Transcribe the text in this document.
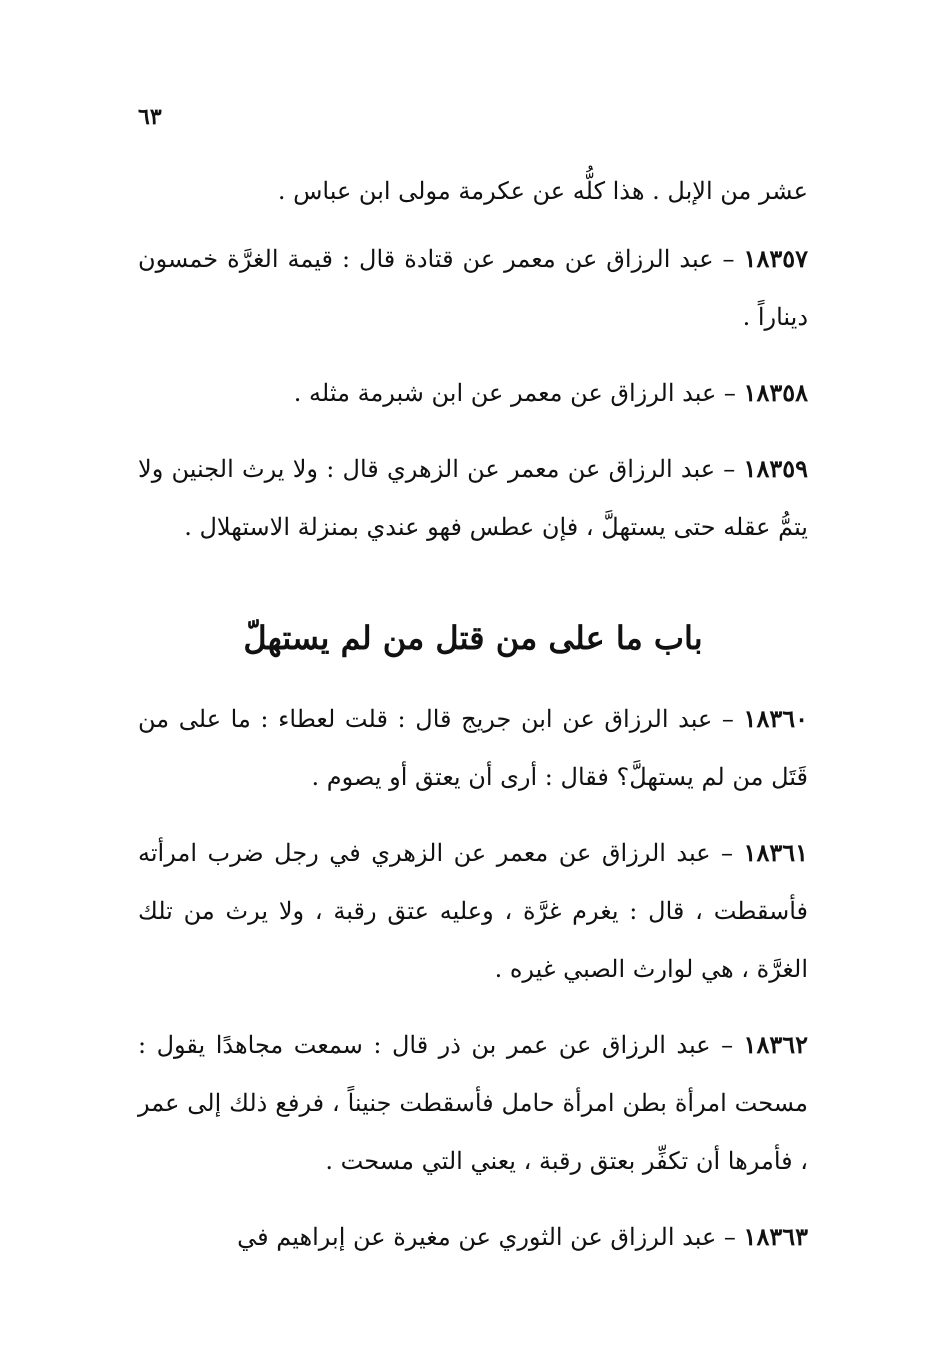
٦٣

عشر من الإبل . هذا كلُّه عن عكرمة مولى ابن عباس .

١٨٣٥٧ – عبد الرزاق عن معمر عن قتادة قال : قيمة الغرَّة خمسون ديناراً .

١٨٣٥٨ – عبد الرزاق عن معمر عن ابن شبرمة مثله .

١٨٣٥٩ – عبد الرزاق عن معمر عن الزهري قال : ولا يرث الجنين ولا يتمُّ عقله حتى يستهلَّ ، فإن عطس فهو عندي بمنزلة الاستهلال .

باب ما على من قتل من لم يستهلّ

١٨٣٦٠ – عبد الرزاق عن ابن جريج قال : قلت لعطاء : ما على من قَتَل من لم يستهلَّ؟ فقال : أرى أن يعتق أو يصوم .

١٨٣٦١ – عبد الرزاق عن معمر عن الزهري في رجل ضرب امرأته فأسقطت ، قال : يغرم غرَّة ، وعليه عتق رقبة ، ولا يرث من تلك الغرَّة ، هي لوارث الصبي غيره .

١٨٣٦٢ – عبد الرزاق عن عمر بن ذر قال : سمعت مجاهدًا يقول : مسحت امرأة بطن امرأة حامل فأسقطت جنيناً ، فرفع ذلك إلى عمر ، فأمرها أن تكفِّر بعتق رقبة ، يعني التي مسحت .

١٨٣٦٣ – عبد الرزاق عن الثوري عن مغيرة عن إبراهيم في
